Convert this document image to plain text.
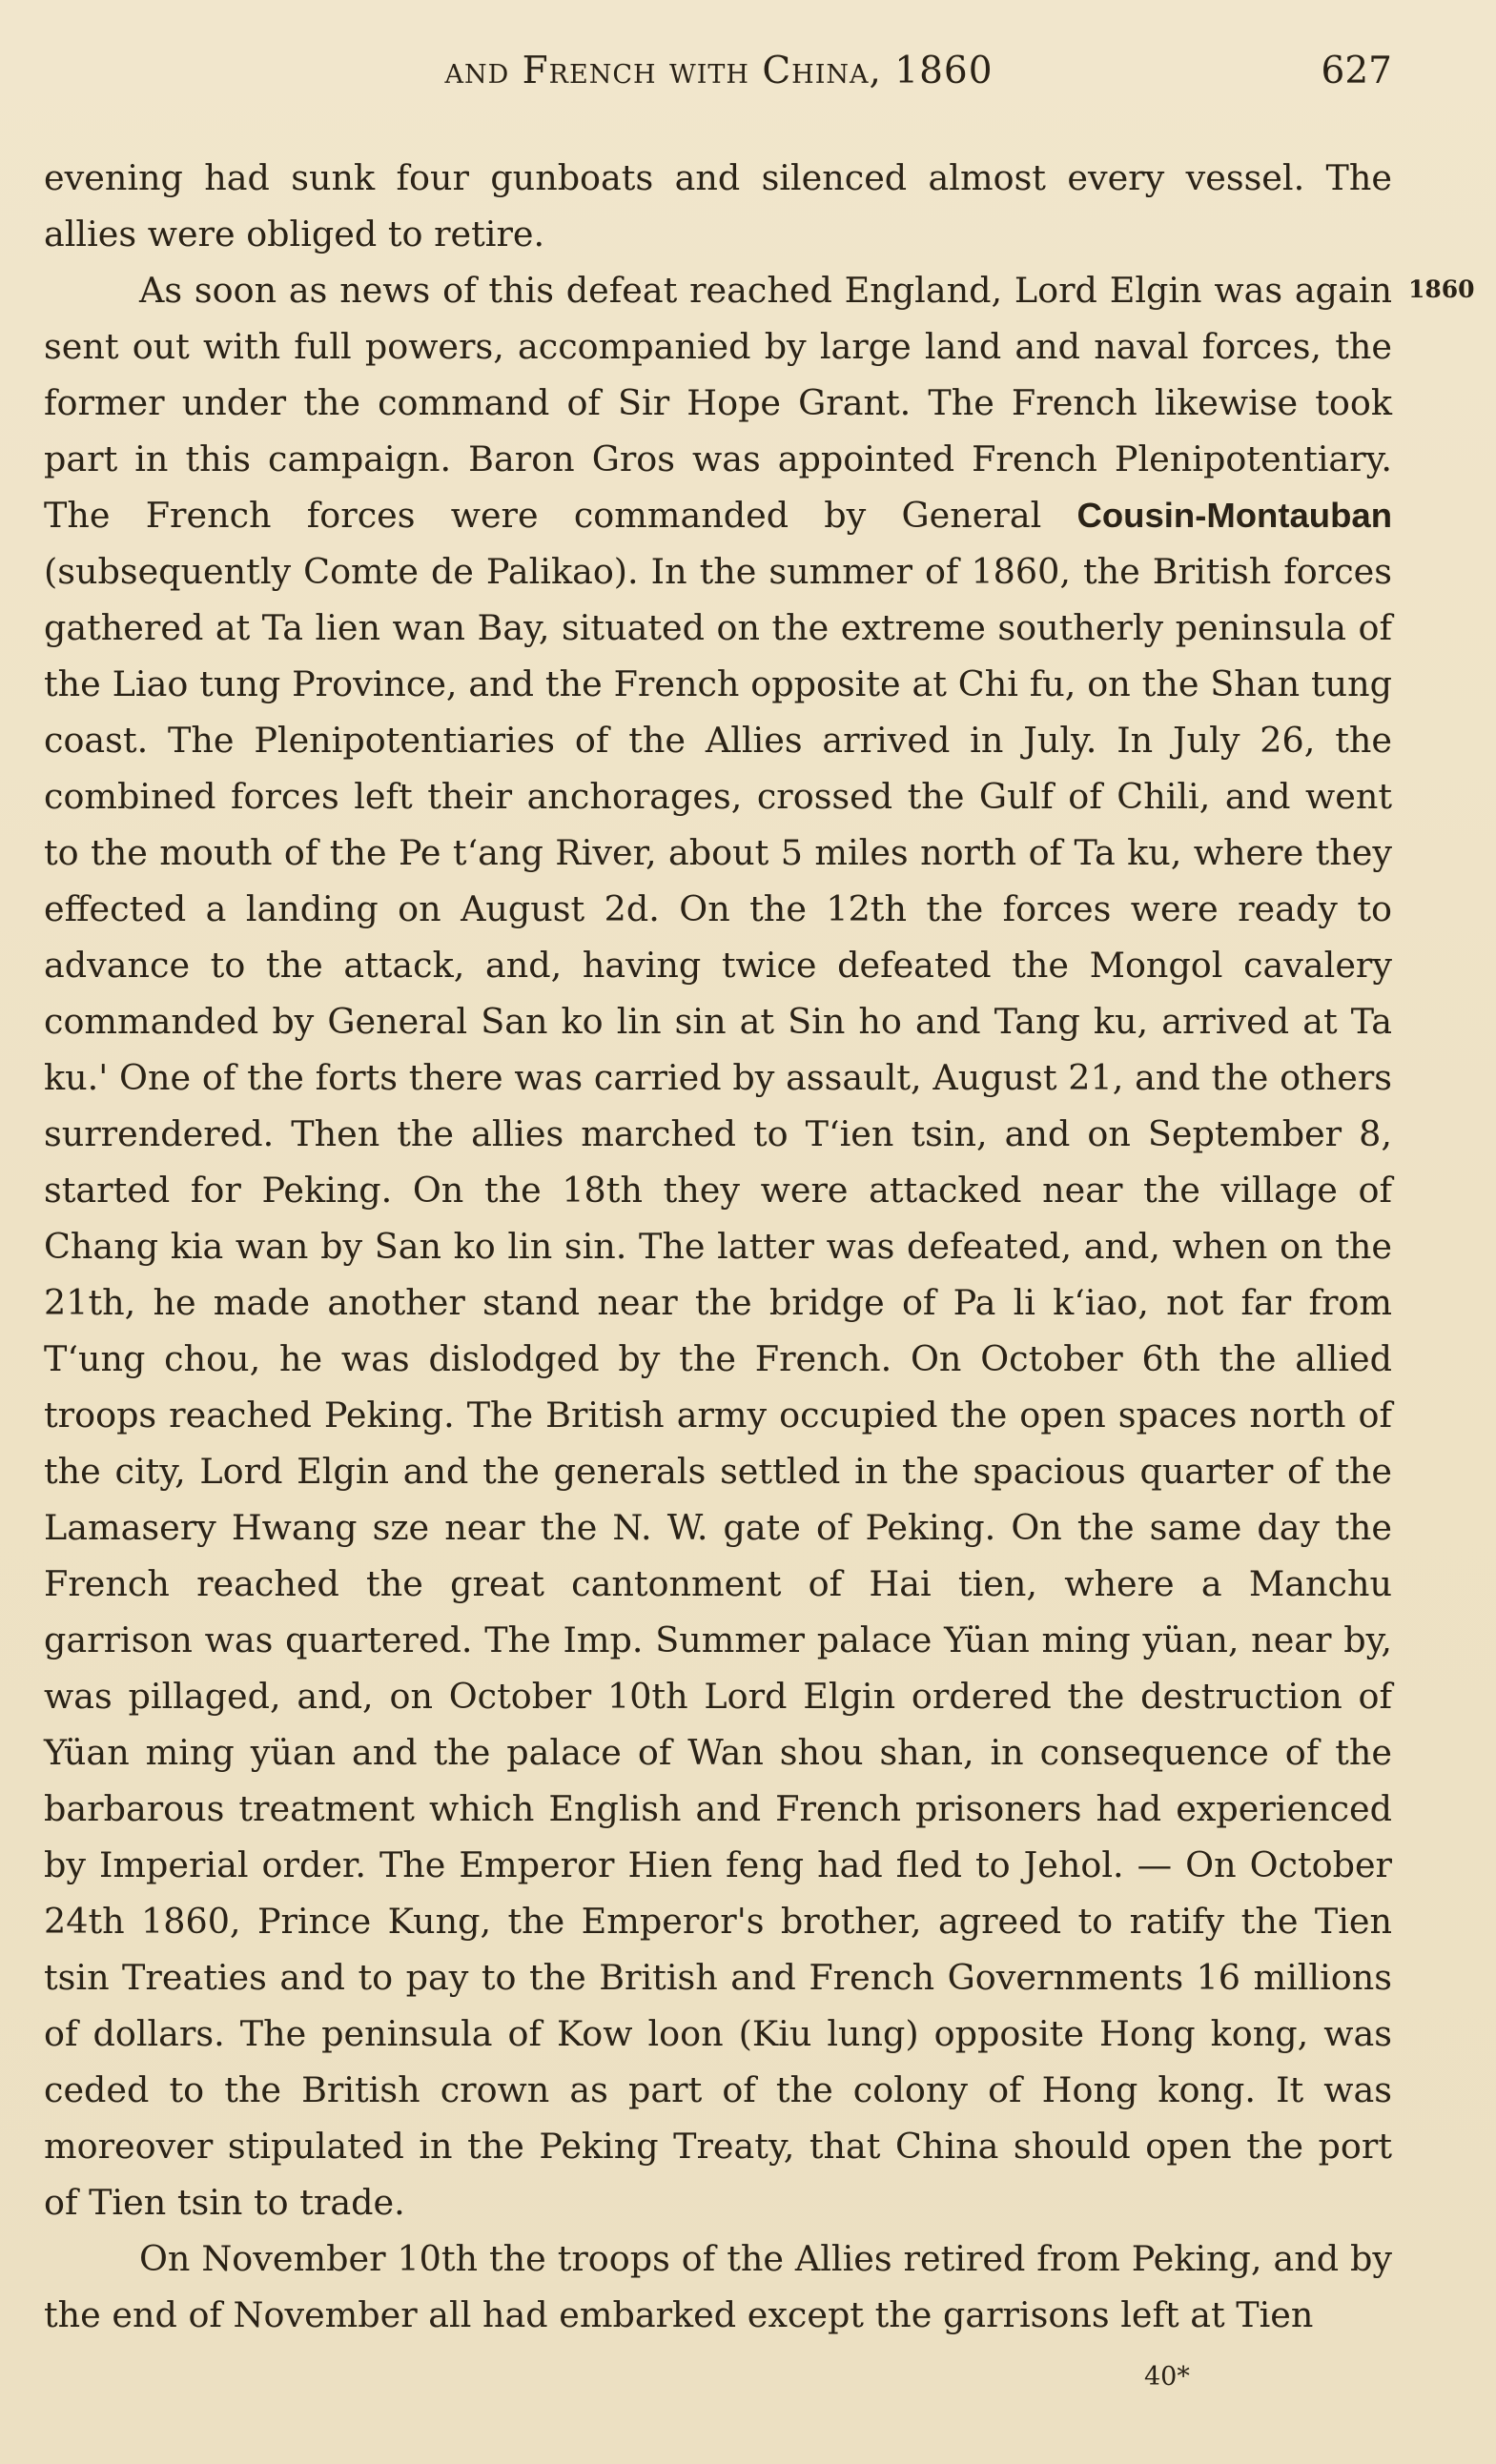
and French with China, 1860	627
1860

evening had sunk four gunboats and silenced almost every vessel. The allies were obliged to retire.

As soon as news of this defeat reached England, Lord Elgin was again sent out with full powers, accompanied by large land and naval forces, the former under the command of Sir Hope Grant. The French likewise took part in this campaign. Baron Gros was appointed French Plenipotentiary. The French forces were commanded by General Cousin-Montauban (subsequently Comte de Palikao). In the summer of 1860, the British forces gathered at Ta lien wan Bay, situated on the extreme southerly peninsula of the Liao tung Province, and the French opposite at Chi fu, on the Shan tung coast. The Plenipotentiaries of the Allies arrived in July. In July 26, the combined forces left their anchorages, crossed the Gulf of Chili, and went to the mouth of the Pe tʻang River, about 5 miles north of Ta ku, where they effected a landing on August 2d. On the 12th the forces were ready to advance to the attack, and, having twice defeated the Mongol cavalery commanded by General San ko lin sin at Sin ho and Tang ku, arrived at Ta ku.' One of the forts there was carried by assault, August 21, and the others surrendered. Then the allies marched to Tʻien tsin, and on September 8, started for Peking. On the 18th they were attacked near the village of Chang kia wan by San ko lin sin. The latter was defeated, and, when on the 21th, he made another stand near the bridge of Pa li kʻiao, not far from Tʻung chou, he was dislodged by the French. On October 6th the allied troops reached Peking. The British army occupied the open spaces north of the city, Lord Elgin and the generals settled in the spacious quarter of the Lamasery Hwang sze near the N. W. gate of Peking. On the same day the French reached the great cantonment of Hai tien, where a Manchu garrison was quartered. The Imp. Summer palace Yüan ming yüan, near by, was pillaged, and, on October 10th Lord Elgin ordered the destruction of Yüan ming yüan and the palace of Wan shou shan, in consequence of the barbarous treatment which English and French prisoners had experienced by Imperial order. The Emperor Hien feng had fled to Jehol. — On October 24th 1860, Prince Kung, the Emperor's brother, agreed to ratify the Tien tsin Treaties and to pay to the British and French Governments 16 millions of dollars. The peninsula of Kow loon (Kiu lung) opposite Hong kong, was ceded to the British crown as part of the colony of Hong kong. It was moreover stipulated in the Peking Treaty, that China should open the port of Tien tsin to trade.

On November 10th the troops of the Allies retired from Peking, and by the end of November all had embarked except the garrisons left at Tien

40*
